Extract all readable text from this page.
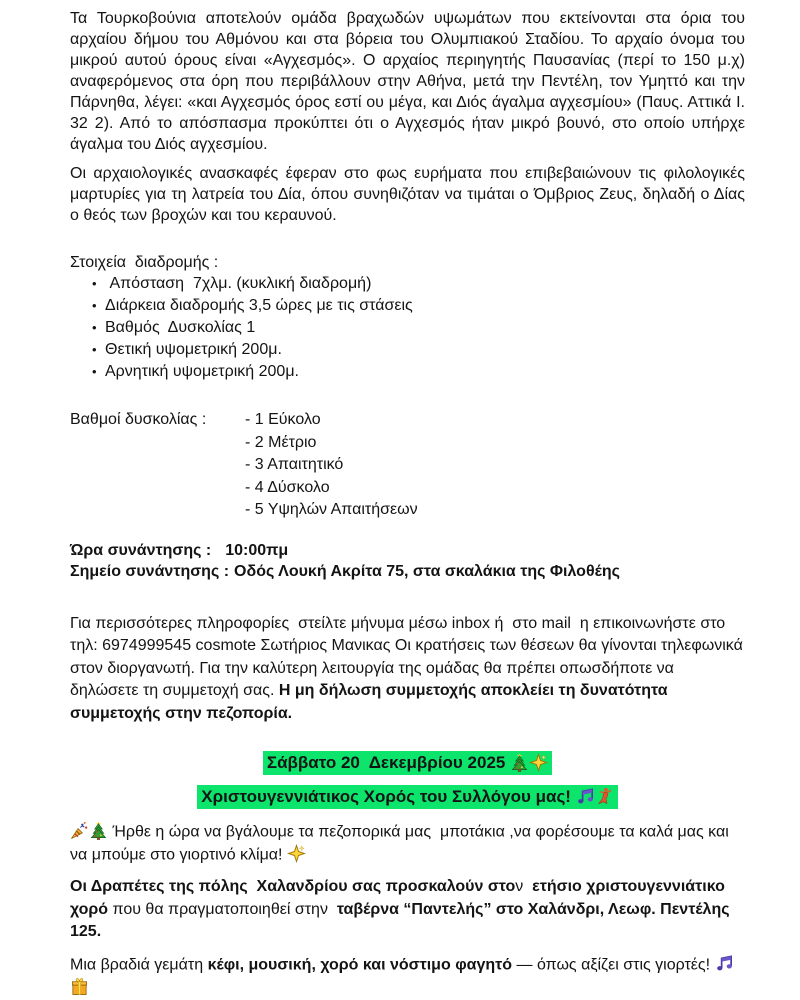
Τα Τουρκοβούνια αποτελούν ομάδα βραχωδών υψωμάτων που εκτείνονται στα όρια του αρχαίου δήμου του Αθμόνου και στα βόρεια του Ολυμπιακού Σταδίου. Το αρχαίο όνομα του μικρού αυτού όρους είναι «Αγχεσμός». Ο αρχαίος περιηγητής Παυσανίας (περί το 150 μ.χ) αναφερόμενος στα όρη που περιβάλλουν στην Αθήνα, μετά την Πεντέλη, τον Υμηττό και την Πάρνηθα, λέγει: «και Αγχεσμός όρος εστί ου μέγα, και Διός άγαλμα αγχεσμίου» (Παυς. Αττικά Ι. 32 2). Από το απόσπασμα προκύπτει ότι ο Αγχεσμός ήταν μικρό βουνό, στο οποίο υπήρχε άγαλμα του Διός αγχεσμίου.

Οι αρχαιολογικές ανασκαφές έφεραν στο φως ευρήματα που επιβεβαιώνουν τις φιλολογικές μαρτυρίες για τη λατρεία του Δία, όπου συνηθιζόταν να τιμάται ο Όμβριος Ζευς, δηλαδή ο Δίας ο θεός των βροχών και του κεραυνού.

Στοιχεία  διαδρομής :

•  Απόσταση  7χλμ. (κυκλική διαδρομή)
• Διάρκεια διαδρομής 3,5 ώρες με τις στάσεις
• Βαθμός  Δυσκολίας 1
• Θετική υψομετρική 200μ.
• Αρνητική υψομετρική 200μ.
Βαθμοί δυσκολίας :	- 1 Εύκολο
- 2 Μέτριο
- 3 Απαιτητικό
- 4 Δύσκολο
- 5 Υψηλών Απαιτήσεων
Ώρα συνάντησης : 10:00πμ
Σημείο συνάντησης : Οδός Λουκή Ακρίτα 75, στα σκαλάκια της Φιλοθέης

Για περισσότερες πληροφορίες  στείλτε μήνυμα μέσω inbox ή  στο mail  η επικοινωνήστε στο τηλ: 6974999545 cosmote Σωτήριος Μανικας Οι κρατήσεις των θέσεων θα γίνονται τηλεφωνικά στον διοργανωτή. Για την καλύτερη λειτουργία της ομάδας θα πρέπει οπωσδήποτε να δηλώσετε τη συμμετοχή σας. Η μη δήλωση συμμετοχής αποκλείει τη δυνατότητα συμμετοχής στην πεζοπορία.

Σάββατο 20  Δεκεμβρίου 2025
Χριστουγεννιάτικος Χορός του Συλλόγου μας!

Ήρθε η ώρα να βγάλουμε τα πεζοπορικά μας  μποτάκια ,να φορέσουμε τα καλά μας και να μπούμε στο γιορτινό κλίμα!

Οι Δραπέτες της πόλης  Χαλανδρίου σας προσκαλούν στον  ετήσιο χριστουγεννιάτικο χορό που θα πραγματοποιηθεί στην  ταβέρνα “Παντελής” στο Χαλάνδρι, Λεωφ. Πεντέλης 125.

Μια βραδιά γεμάτη κέφι, μουσική, χορό και νόστιμο φαγητό — όπως αξίζει στις γιορτές!
